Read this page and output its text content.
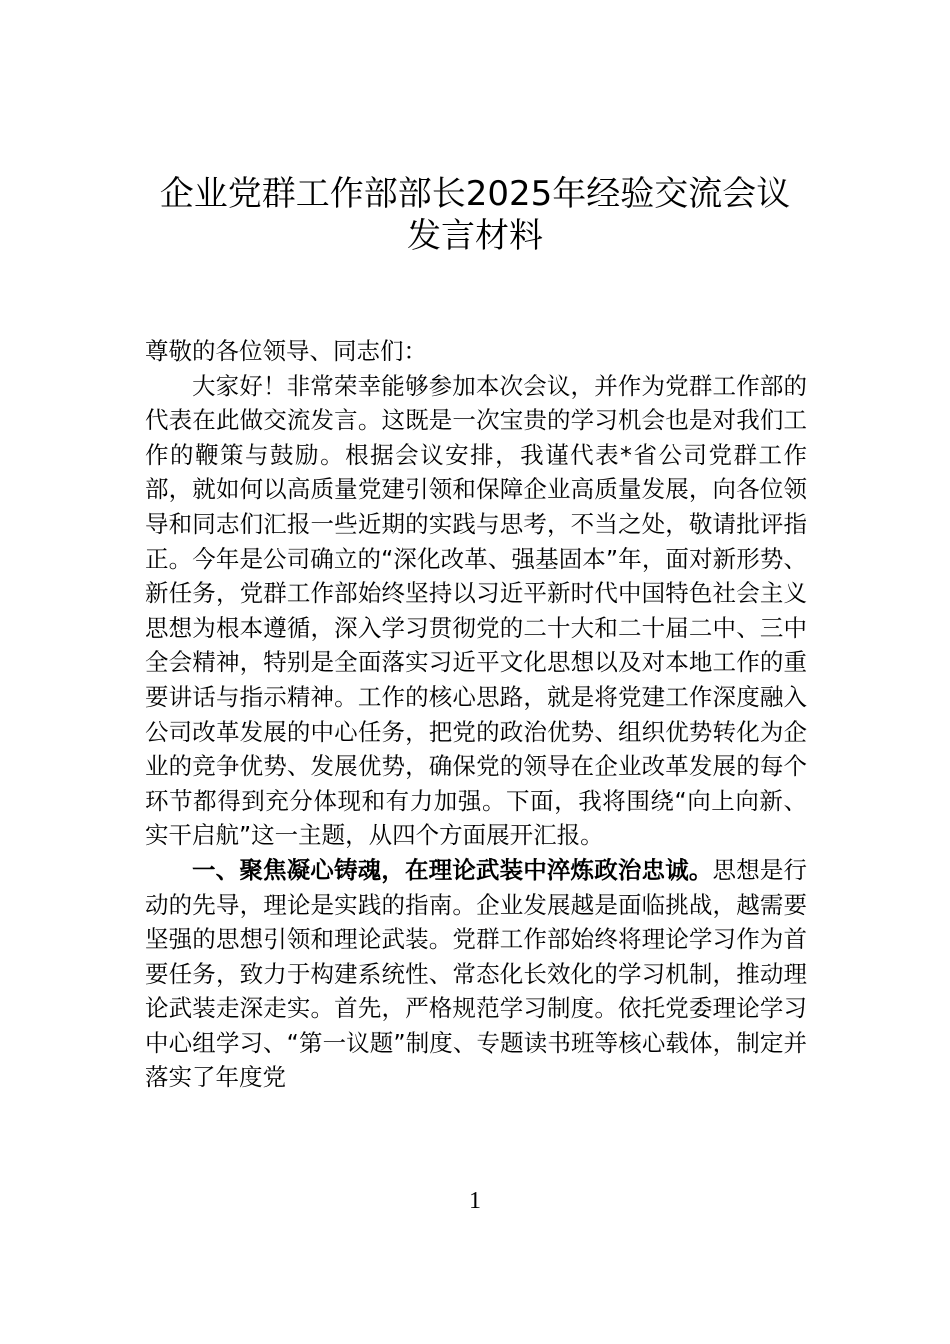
企业党群工作部部长2025年经验交流会议
发言材料

尊敬的各位领导、同志们：

大家好！非常荣幸能够参加本次会议，并作为党群工作部的代表在此做交流发言。这既是一次宝贵的学习机会也是对我们工作的鞭策与鼓励。根据会议安排，我谨代表*省公司党群工作部，就如何以高质量党建引领和保障企业高质量发展，向各位领导和同志们汇报一些近期的实践与思考，不当之处，敬请批评指正。今年是公司确立的“深化改革、强基固本”年，面对新形势、新任务，党群工作部始终坚持以习近平新时代中国特色社会主义思想为根本遵循，深入学习贯彻党的二十大和二十届二中、三中全会精神，特别是全面落实习近平文化思想以及对本地工作的重要讲话与指示精神。工作的核心思路，就是将党建工作深度融入公司改革发展的中心任务，把党的政治优势、组织优势转化为企业的竞争优势、发展优势，确保党的领导在企业改革发展的每个环节都得到充分体现和有力加强。下面，我将围绕“向上向新、实干启航”这一主题，从四个方面展开汇报。

一、聚焦凝心铸魂，在理论武装中淬炼政治忠诚。思想是行动的先导，理论是实践的指南。企业发展越是面临挑战，越需要坚强的思想引领和理论武装。党群工作部始终将理论学习作为首要任务，致力于构建系统性、常态化长效化的学习机制，推动理论武装走深走实。首先，严格规范学习制度。依托党委理论学习中心组学习、“第一议题”制度、专题读书班等核心载体，制定并落实了年度党

1
